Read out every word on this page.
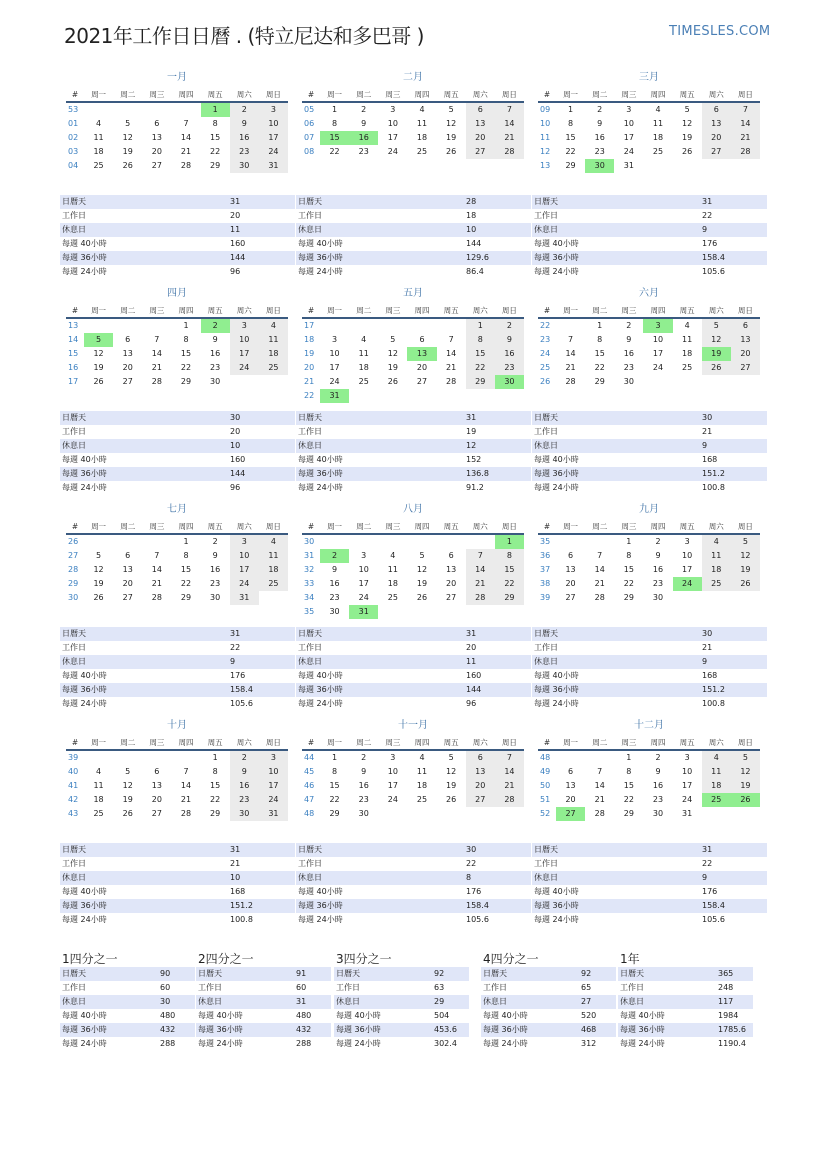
2021年工作日日曆 . (特立尼达和多巴哥 )	TIMESLES.COM
一月
#	周一	周二	周三	周四	周五	周六	周日
53					1	2	3
01	4	5	6	7	8	9	10
02	11	12	13	14	15	16	17
03	18	19	20	21	22	23	24
04	25	26	27	28	29	30	31
日曆天	31
工作日	20
休息日	11
每週 40小時	160
每週 36小時	144
每週 24小時	96
二月
#	周一	周二	周三	周四	周五	周六	周日
05	1	2	3	4	5	6	7
06	8	9	10	11	12	13	14
07	15	16	17	18	19	20	21
08	22	23	24	25	26	27	28
日曆天	28
工作日	18
休息日	10
每週 40小時	144
每週 36小時	129.6
每週 24小時	86.4
三月
#	周一	周二	周三	周四	周五	周六	周日
09	1	2	3	4	5	6	7
10	8	9	10	11	12	13	14
11	15	16	17	18	19	20	21
12	22	23	24	25	26	27	28
13	29	30	31				
日曆天	31
工作日	22
休息日	9
每週 40小時	176
每週 36小時	158.4
每週 24小時	105.6
四月
#	周一	周二	周三	周四	周五	周六	周日
13				1	2	3	4
14	5	6	7	8	9	10	11
15	12	13	14	15	16	17	18
16	19	20	21	22	23	24	25
17	26	27	28	29	30		
日曆天	30
工作日	20
休息日	10
每週 40小時	160
每週 36小時	144
每週 24小時	96
五月
#	周一	周二	周三	周四	周五	周六	周日
17						1	2
18	3	4	5	6	7	8	9
19	10	11	12	13	14	15	16
20	17	18	19	20	21	22	23
21	24	25	26	27	28	29	30
22	31						
日曆天	31
工作日	19
休息日	12
每週 40小時	152
每週 36小時	136.8
每週 24小時	91.2
六月
#	周一	周二	周三	周四	周五	周六	周日
22		1	2	3	4	5	6
23	7	8	9	10	11	12	13
24	14	15	16	17	18	19	20
25	21	22	23	24	25	26	27
26	28	29	30				
日曆天	30
工作日	21
休息日	9
每週 40小時	168
每週 36小時	151.2
每週 24小時	100.8
七月
#	周一	周二	周三	周四	周五	周六	周日
26				1	2	3	4
27	5	6	7	8	9	10	11
28	12	13	14	15	16	17	18
29	19	20	21	22	23	24	25
30	26	27	28	29	30	31	
日曆天	31
工作日	22
休息日	9
每週 40小時	176
每週 36小時	158.4
每週 24小時	105.6
八月
#	周一	周二	周三	周四	周五	周六	周日
30							1
31	2	3	4	5	6	7	8
32	9	10	11	12	13	14	15
33	16	17	18	19	20	21	22
34	23	24	25	26	27	28	29
35	30	31					
日曆天	31
工作日	20
休息日	11
每週 40小時	160
每週 36小時	144
每週 24小時	96
九月
#	周一	周二	周三	周四	周五	周六	周日
35			1	2	3	4	5
36	6	7	8	9	10	11	12
37	13	14	15	16	17	18	19
38	20	21	22	23	24	25	26
39	27	28	29	30			
日曆天	30
工作日	21
休息日	9
每週 40小時	168
每週 36小時	151.2
每週 24小時	100.8
十月
#	周一	周二	周三	周四	周五	周六	周日
39					1	2	3
40	4	5	6	7	8	9	10
41	11	12	13	14	15	16	17
42	18	19	20	21	22	23	24
43	25	26	27	28	29	30	31
日曆天	31
工作日	21
休息日	10
每週 40小時	168
每週 36小時	151.2
每週 24小時	100.8
十一月
#	周一	周二	周三	周四	周五	周六	周日
44	1	2	3	4	5	6	7
45	8	9	10	11	12	13	14
46	15	16	17	18	19	20	21
47	22	23	24	25	26	27	28
48	29	30					
日曆天	30
工作日	22
休息日	8
每週 40小時	176
每週 36小時	158.4
每週 24小時	105.6
十二月
#	周一	周二	周三	周四	周五	周六	周日
48			1	2	3	4	5
49	6	7	8	9	10	11	12
50	13	14	15	16	17	18	19
51	20	21	22	23	24	25	26
52	27	28	29	30	31		
日曆天	31
工作日	22
休息日	9
每週 40小時	176
每週 36小時	158.4
每週 24小時	105.6
1四分之一
日曆天	90
工作日	60
休息日	30
每週 40小時	480
每週 36小時	432
每週 24小時	288
2四分之一
日曆天	91
工作日	60
休息日	31
每週 40小時	480
每週 36小時	432
每週 24小時	288
3四分之一
日曆天	92
工作日	63
休息日	29
每週 40小時	504
每週 36小時	453.6
每週 24小時	302.4
4四分之一
日曆天	92
工作日	65
休息日	27
每週 40小時	520
每週 36小時	468
每週 24小時	312
1年
日曆天	365
工作日	248
休息日	117
每週 40小時	1984
每週 36小時	1785.6
每週 24小時	1190.4
